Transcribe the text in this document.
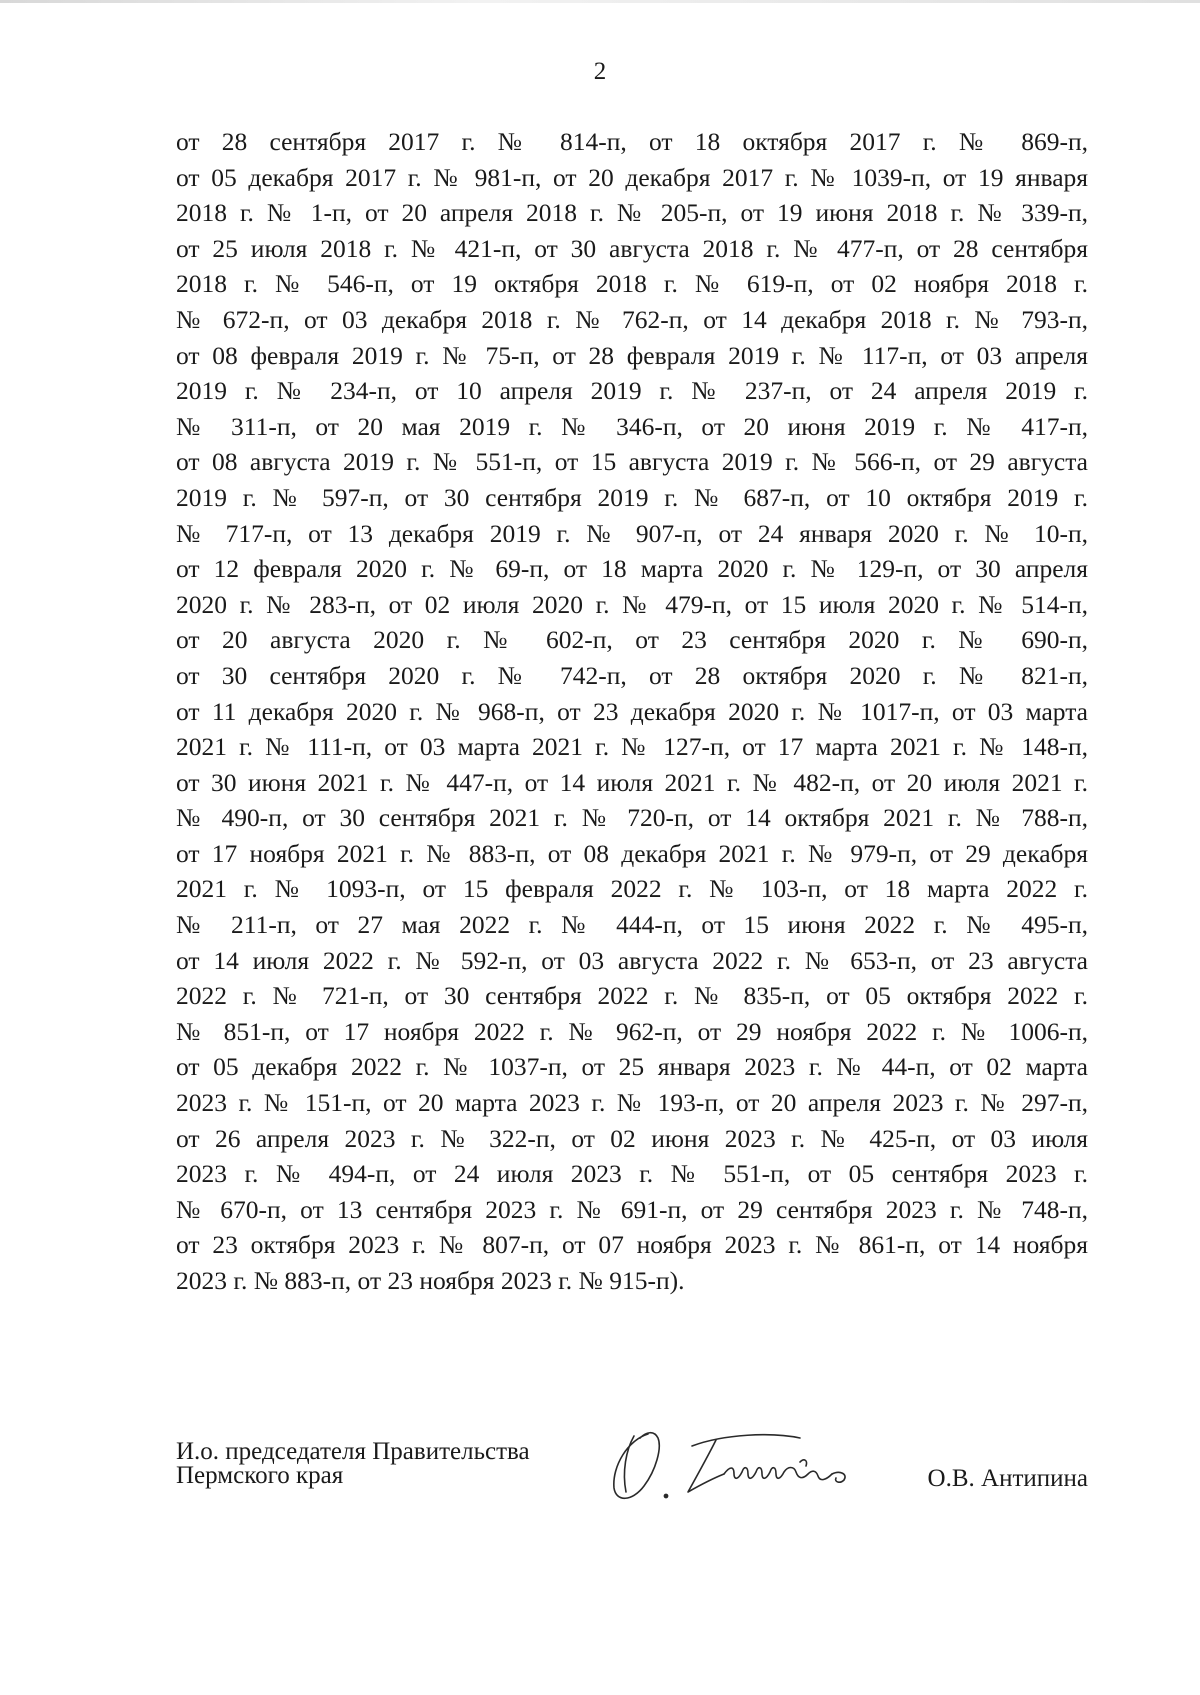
2
от 28 сентября 2017 г. № 814-п, от 18 октября 2017 г. № 869-п,
от 05 декабря 2017 г. № 981-п, от 20 декабря 2017 г. № 1039-п, от 19 января
2018 г. № 1-п, от 20 апреля 2018 г. № 205-п, от 19 июня 2018 г. № 339-п,
от 25 июля 2018 г. № 421-п, от 30 августа 2018 г. № 477-п, от 28 сентября
2018 г. № 546-п, от 19 октября 2018 г. № 619-п, от 02 ноября 2018 г.
№ 672-п, от 03 декабря 2018 г. № 762-п, от 14 декабря 2018 г. № 793-п,
от 08 февраля 2019 г. № 75-п, от 28 февраля 2019 г. № 117-п, от 03 апреля
2019 г. № 234-п, от 10 апреля 2019 г. № 237-п, от 24 апреля 2019 г.
№ 311-п, от 20 мая 2019 г. № 346-п, от 20 июня 2019 г. № 417-п,
от 08 августа 2019 г. № 551-п, от 15 августа 2019 г. № 566-п, от 29 августа
2019 г. № 597-п, от 30 сентября 2019 г. № 687-п, от 10 октября 2019 г.
№ 717-п, от 13 декабря 2019 г. № 907-п, от 24 января 2020 г. № 10-п,
от 12 февраля 2020 г. № 69-п, от 18 марта 2020 г. № 129-п, от 30 апреля
2020 г. № 283-п, от 02 июля 2020 г. № 479-п, от 15 июля 2020 г. № 514-п,
от 20 августа 2020 г. № 602-п, от 23 сентября 2020 г. № 690-п,
от 30 сентября 2020 г. № 742-п, от 28 октября 2020 г. № 821-п,
от 11 декабря 2020 г. № 968-п, от 23 декабря 2020 г. № 1017-п, от 03 марта
2021 г. № 111-п, от 03 марта 2021 г. № 127-п, от 17 марта 2021 г. № 148-п,
от 30 июня 2021 г. № 447-п, от 14 июля 2021 г. № 482-п, от 20 июля 2021 г.
№ 490-п, от 30 сентября 2021 г. № 720-п, от 14 октября 2021 г. № 788-п,
от 17 ноября 2021 г. № 883-п, от 08 декабря 2021 г. № 979-п, от 29 декабря
2021 г. № 1093-п, от 15 февраля 2022 г. № 103-п, от 18 марта 2022 г.
№ 211-п, от 27 мая 2022 г. № 444-п, от 15 июня 2022 г. № 495-п,
от 14 июля 2022 г. № 592-п, от 03 августа 2022 г. № 653-п, от 23 августа
2022 г. № 721-п, от 30 сентября 2022 г. № 835-п, от 05 октября 2022 г.
№ 851-п, от 17 ноября 2022 г. № 962-п, от 29 ноября 2022 г. № 1006-п,
от 05 декабря 2022 г. № 1037-п, от 25 января 2023 г. № 44-п, от 02 марта
2023 г. № 151-п, от 20 марта 2023 г. № 193-п, от 20 апреля 2023 г. № 297-п,
от 26 апреля 2023 г. № 322-п, от 02 июня 2023 г. № 425-п, от 03 июля
2023 г. № 494-п, от 24 июля 2023 г. № 551-п, от 05 сентября 2023 г.
№ 670-п, от 13 сентября 2023 г. № 691-п, от 29 сентября 2023 г. № 748-п,
от 23 октября 2023 г. № 807-п, от 07 ноября 2023 г. № 861-п, от 14 ноября
2023 г. № 883-п, от 23 ноября 2023 г. № 915-п).
И.о. председателя Правительства
Пермского края	О.В. Антипина
